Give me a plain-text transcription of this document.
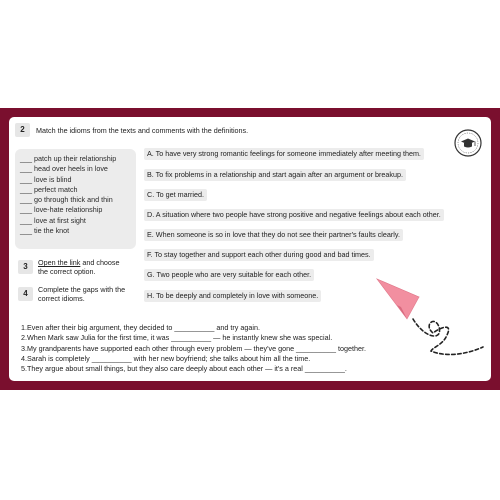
2	Match the idioms from the texts and comments with the definitions.
___ patch up their relationship
___ head over heels in love
___ love is blind
___ perfect match
___ go through thick and thin
___ love-hate relationship
___ love at first sight
___ tie the knot
A. To have very strong romantic feelings for someone immediately after meeting them.
B. To fix problems in a relationship and start again after an argument or breakup.
C. To get married.
D. A situation where two people have strong positive and negative feelings about each other.
E. When someone is so in love that they do not see their partner's faults clearly.
F. To stay together and support each other during good and bad times.
G. Two people who are very suitable for each other.
H. To be deeply and completely in love with someone.
3	Open the link and choose
the correct option.
4	Complete the gaps with the
correct idioms.
1.Even after their big argument, they decided to __________ and try again.
2.When Mark saw Julia for the first time, it was __________ — he instantly knew she was special.
3.My grandparents have supported each other through every problem — they've gone __________ together.
4.Sarah is completely __________ with her new boyfriend; she talks about him all the time.
5.They argue about small things, but they also care deeply about each other — it's a real __________.
